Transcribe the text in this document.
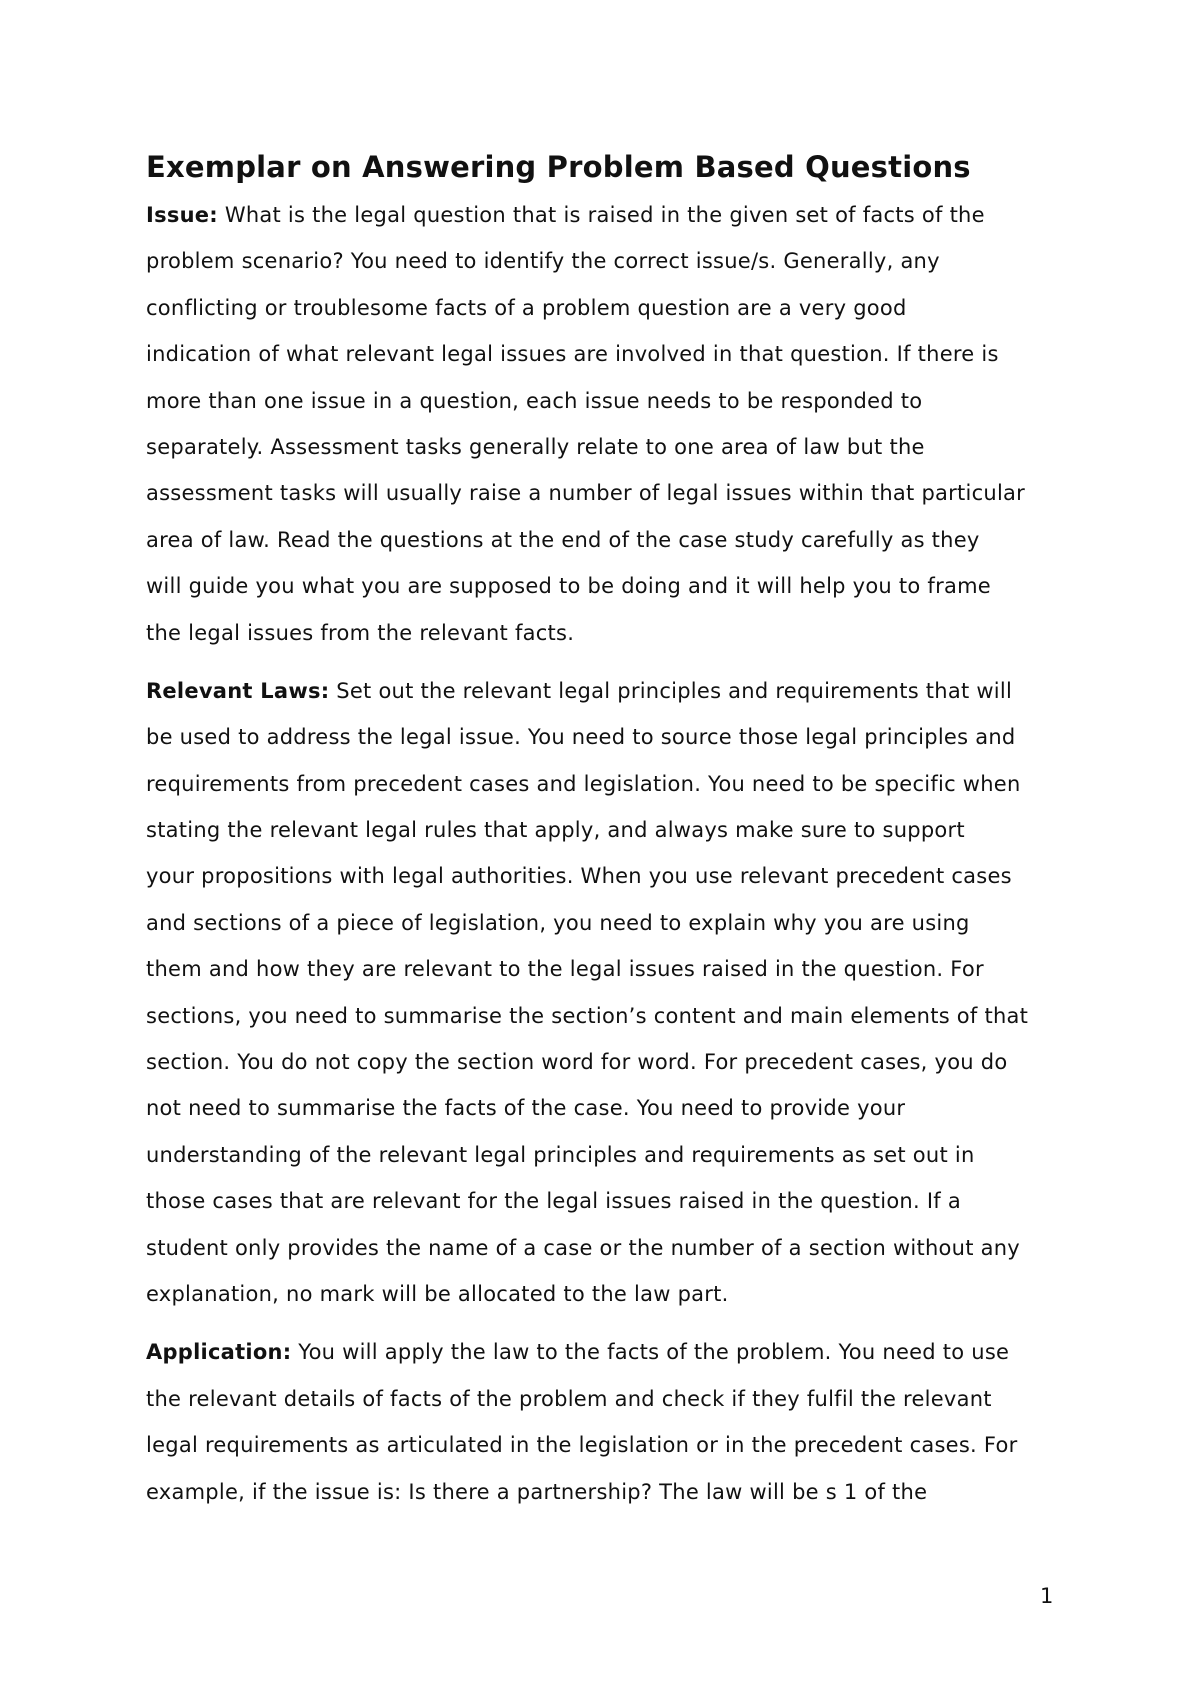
Exemplar on Answering Problem Based Questions

Issue: What is the legal question that is raised in the given set of facts of the
problem scenario? You need to identify the correct issue/s. Generally, any
conflicting or troublesome facts of a problem question are a very good
indication of what relevant legal issues are involved in that question. If there is
more than one issue in a question, each issue needs to be responded to
separately. Assessment tasks generally relate to one area of law but the
assessment tasks will usually raise a number of legal issues within that particular
area of law. Read the questions at the end of the case study carefully as they
will guide you what you are supposed to be doing and it will help you to frame
the legal issues from the relevant facts.

Relevant Laws: Set out the relevant legal principles and requirements that will
be used to address the legal issue. You need to source those legal principles and
requirements from precedent cases and legislation. You need to be specific when
stating the relevant legal rules that apply, and always make sure to support
your propositions with legal authorities. When you use relevant precedent cases
and sections of a piece of legislation, you need to explain why you are using
them and how they are relevant to the legal issues raised in the question. For
sections, you need to summarise the section’s content and main elements of that
section. You do not copy the section word for word. For precedent cases, you do
not need to summarise the facts of the case. You need to provide your
understanding of the relevant legal principles and requirements as set out in
those cases that are relevant for the legal issues raised in the question. If a
student only provides the name of a case or the number of a section without any
explanation, no mark will be allocated to the law part.

Application: You will apply the law to the facts of the problem. You need to use
the relevant details of facts of the problem and check if they fulfil the relevant
legal requirements as articulated in the legislation or in the precedent cases. For
example, if the issue is: Is there a partnership? The law will be s 1 of the

1
